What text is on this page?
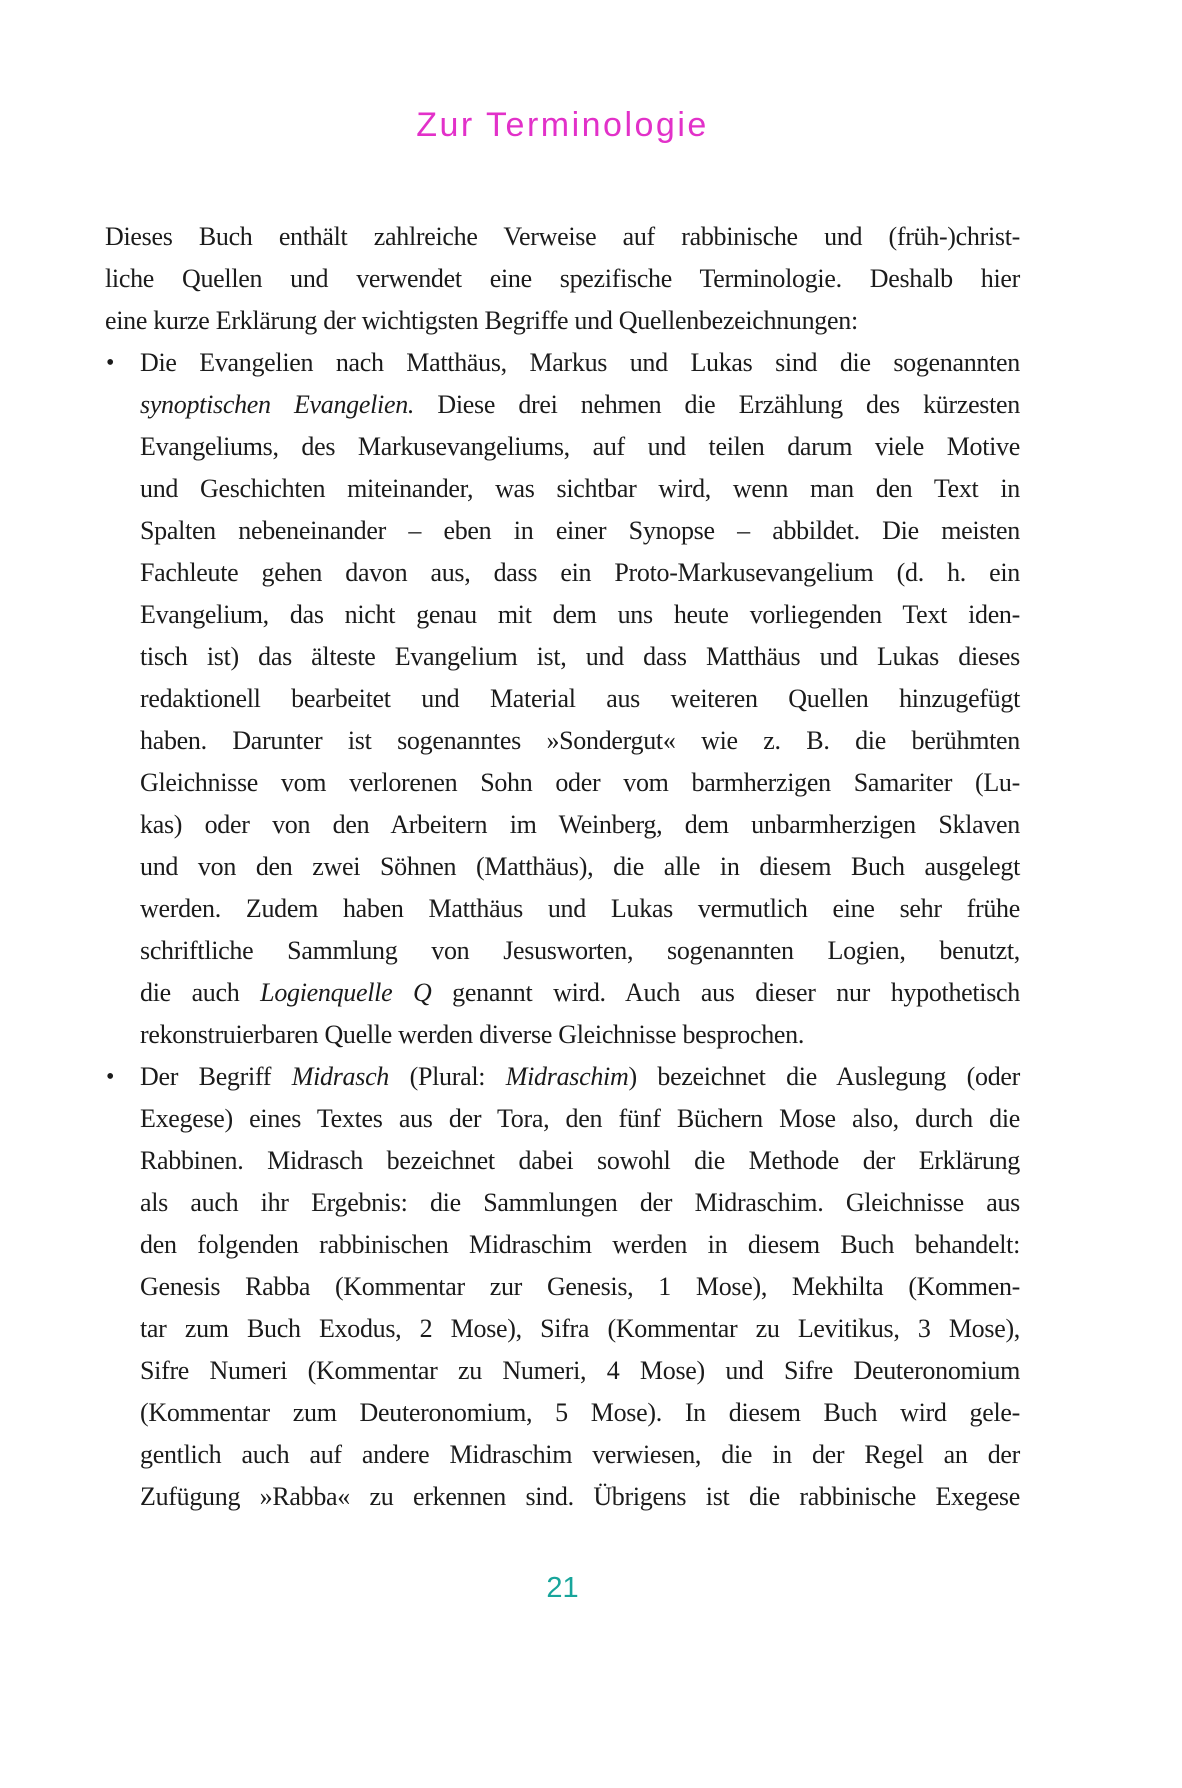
Zur Terminologie
Dieses Buch enthält zahlreiche Verweise auf rabbinische und (früh-)christ-
liche Quellen und verwendet eine spezifische Terminologie. Deshalb hier
eine kurze Erklärung der wichtigsten Begriffe und Quellenbezeichnungen:
• Die Evangelien nach Matthäus, Markus und Lukas sind die sogenannten
synoptischen Evangelien. Diese drei nehmen die Erzählung des kürzesten
Evangeliums, des Markusevangeliums, auf und teilen darum viele Motive
und Geschichten miteinander, was sichtbar wird, wenn man den Text in
Spalten nebeneinander – eben in einer Synopse – abbildet. Die meisten
Fachleute gehen davon aus, dass ein Proto-Markusevangelium (d. h. ein
Evangelium, das nicht genau mit dem uns heute vorliegenden Text iden-
tisch ist) das älteste Evangelium ist, und dass Matthäus und Lukas dieses
redaktionell bearbeitet und Material aus weiteren Quellen hinzugefügt
haben. Darunter ist sogenanntes »Sondergut« wie z. B. die berühmten
Gleichnisse vom verlorenen Sohn oder vom barmherzigen Samariter (Lu-
kas) oder von den Arbeitern im Weinberg, dem unbarmherzigen Sklaven
und von den zwei Söhnen (Matthäus), die alle in diesem Buch ausgelegt
werden. Zudem haben Matthäus und Lukas vermutlich eine sehr frühe
schriftliche Sammlung von Jesusworten, sogenannten Logien, benutzt,
die auch Logienquelle Q genannt wird. Auch aus dieser nur hypothetisch
rekonstruierbaren Quelle werden diverse Gleichnisse besprochen.
• Der Begriff Midrasch (Plural: Midraschim) bezeichnet die Auslegung (oder
Exegese) eines Textes aus der Tora, den fünf Büchern Mose also, durch die
Rabbinen. Midrasch bezeichnet dabei sowohl die Methode der Erklärung
als auch ihr Ergebnis: die Sammlungen der Midraschim. Gleichnisse aus
den folgenden rabbinischen Midraschim werden in diesem Buch behandelt:
Genesis Rabba (Kommentar zur Genesis, 1 Mose), Mekhilta (Kommen-
tar zum Buch Exodus, 2 Mose), Sifra (Kommentar zu Levitikus, 3 Mose),
Sifre Numeri (Kommentar zu Numeri, 4 Mose) und Sifre Deuteronomium
(Kommentar zum Deuteronomium, 5 Mose). In diesem Buch wird gele-
gentlich auch auf andere Midraschim verwiesen, die in der Regel an der
Zufügung »Rabba« zu erkennen sind. Übrigens ist die rabbinische Exegese
21
